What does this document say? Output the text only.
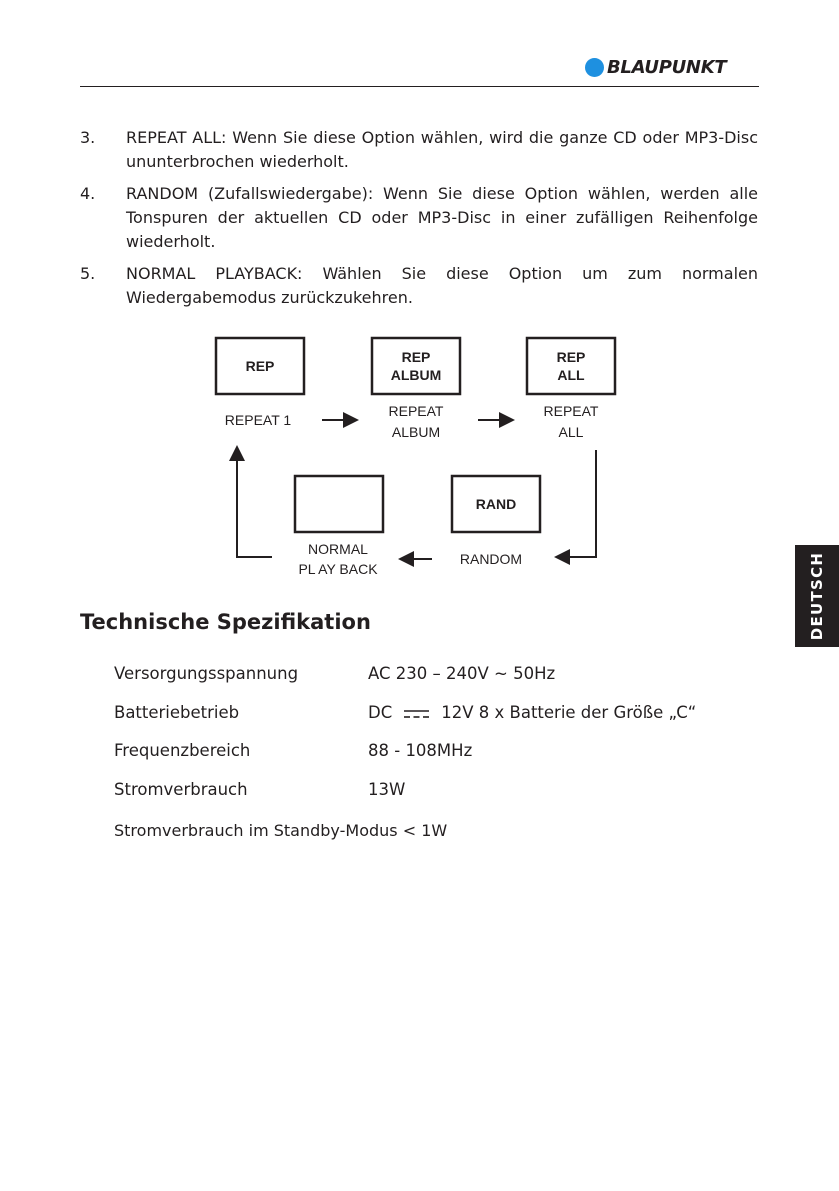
BLAUPUNKT
DEUTSCH
3.	REPEAT ALL: Wenn Sie diese Option wählen, wird die ganze CD oder MP3-Disc ununterbrochen wiederholt.
4.	RANDOM (Zufallswiedergabe): Wenn Sie diese Option wählen, werden alle Tonspuren der aktuellen CD oder MP3-Disc in einer zufälligen Reihenfolge wiederholt.
5.	NORMAL PLAYBACK: Wählen Sie diese Option um zum normalen Wiedergabemodus zurückzukehren.
REP
REP
ALBUM
REP
ALL
RAND
REPEAT 1
REPEAT
ALBUM
REPEAT
ALL
NORMAL
PL AY BACK
RANDOM
Technische Spezifikation
Versorgungsspannung	AC 230 – 240V ~ 50Hz
Batteriebetrieb	DC	12V 8 x Batterie der Größe „C“
Frequenzbereich	88 - 108MHz
Stromverbrauch	13W
Stromverbrauch im Standby-Modus < 1W
